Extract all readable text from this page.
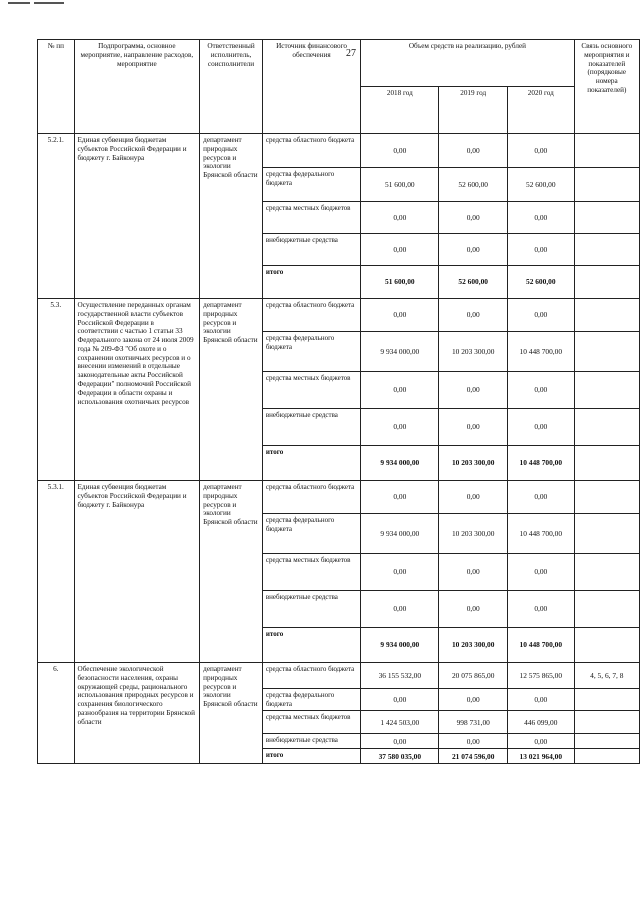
№ пп	Подпрограмма, основное мероприятие, направление расходов, мероприятие	Ответственный исполнитель, соисполнители	Источник финансового обеспечения	Объем средств на реализацию, рублей			Связь основного мероприятия и показателей (порядковые номера показателей)
				2018 год	2019 год	2020 год	
5.2.1.	Единая субвенция бюджетам субъектов Российской Федерации и бюджету г. Байконура	департамент природных ресурсов и экологии Брянской области	средства областного бюджета	0,00	0,00	0,00	
			средства федерального бюджета	51 600,00	52 600,00	52 600,00	
			средства местных бюджетов	0,00	0,00	0,00	
			внебюджетные средства	0,00	0,00	0,00	
			итого	51 600,00	52 600,00	52 600,00	
5.3.	Осуществление переданных органам государственной власти субъектов Российской Федерации в соответствии с частью 1 статьи 33 Федерального закона от 24 июля 2009 года № 209-ФЗ "Об охоте и о сохранении охотничьих ресурсов и о внесении изменений в отдельные законодательные акты Российской Федерации" полномочий Российской Федерации в области охраны и использования охотничьих ресурсов	департамент природных ресурсов и экологии Брянской области	средства областного бюджета	0,00	0,00	0,00	
			средства федерального бюджета	9 934 000,00	10 203 300,00	10 448 700,00	
			средства местных бюджетов	0,00	0,00	0,00	
			внебюджетные средства	0,00	0,00	0,00	
			итого	9 934 000,00	10 203 300,00	10 448 700,00	
5.3.1.	Единая субвенция бюджетам субъектов Российской Федерации и бюджету г. Байконура	департамент природных ресурсов и экологии Брянской области	средства областного бюджета	0,00	0,00	0,00	
			средства федерального бюджета	9 934 000,00	10 203 300,00	10 448 700,00	
			средства местных бюджетов	0,00	0,00	0,00	
			внебюджетные средства	0,00	0,00	0,00	
			итого	9 934 000,00	10 203 300,00	10 448 700,00	
6.	Обеспечение экологической безопасности населения, охраны окружающей среды, рационального использования природных ресурсов и сохранения биологического разнообразия на территории Брянской области	департамент природных ресурсов и экологии Брянской области	средства областного бюджета	36 155 532,00	20 075 865,00	12 575 865,00	4, 5, 6, 7, 8
			средства федерального бюджета	0,00	0,00	0,00	
			средства местных бюджетов	1 424 503,00	998 731,00	446 099,00	
			внебюджетные средства	0,00	0,00	0,00	
			итого	37 580 035,00	21 074 596,00	13 021 964,00	
27
